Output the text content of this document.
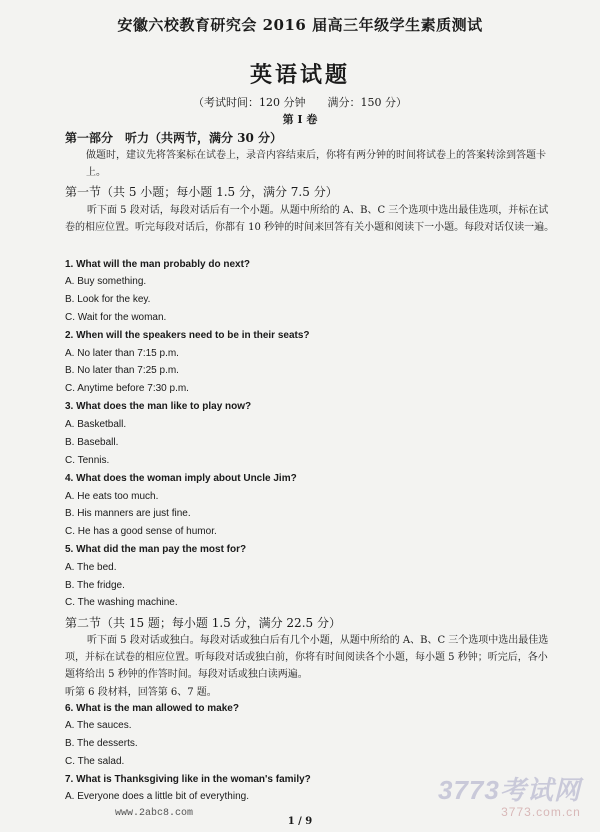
安徽六校教育研究会 2016 届高三年级学生素质测试
英语试题
（考试时间：120 分钟　　满分：150 分）
第 I 卷
第一部分　听力（共两节，满分 30 分）
做题时，建议先将答案标在试卷上，录音内容结束后，你将有两分钟的时间将试卷上的答案转涂到答题卡上。
第一节（共 5 小题；每小题 1.5 分，满分 7.5 分）
听下面 5 段对话，每段对话后有一个小题。从题中所给的 A、B、C 三个选项中选出最佳选项，并标在试卷的相应位置。听完每段对话后，你都有 10 秒钟的时间来回答有关小题和阅读下一小题。每段对话仅读一遍。
1. What will the man probably do next?
A. Buy something.
B. Look for the key.
C. Wait for the woman.
2. When will the speakers need to be in their seats?
A. No later than 7:15 p.m.
B. No later than 7:25 p.m.
C. Anytime before 7:30 p.m.
3. What does the man like to play now?
A. Basketball.
B. Baseball.
C. Tennis.
4. What does the woman imply about Uncle Jim?
A. He eats too much.
B. His manners are just fine.
C. He has a good sense of humor.
5. What did the man pay the most for?
A. The bed.
B. The fridge.
C. The washing machine.
第二节（共 15 题；每小题 1.5 分，满分 22.5 分）
听下面 5 段对话或独白。每段对话或独白后有几个小题，从题中所给的 A、B、C 三个选项中选出最佳选项，并标在试卷的相应位置。听每段对话或独白前，你将有时间阅读各个小题，每小题 5 秒钟；听完后，各小题将给出 5 秒钟的作答时间。每段对话或独白读两遍。
听第 6 段材料，回答第 6、7 题。
6. What is the man allowed to make?
A. The sauces.
B. The desserts.
C. The salad.
7. What is Thanksgiving like in the woman's family?
A. Everyone does a little bit of everything.
www.2abc8.com
3773考试网
3773.com.cn
1 / 9
